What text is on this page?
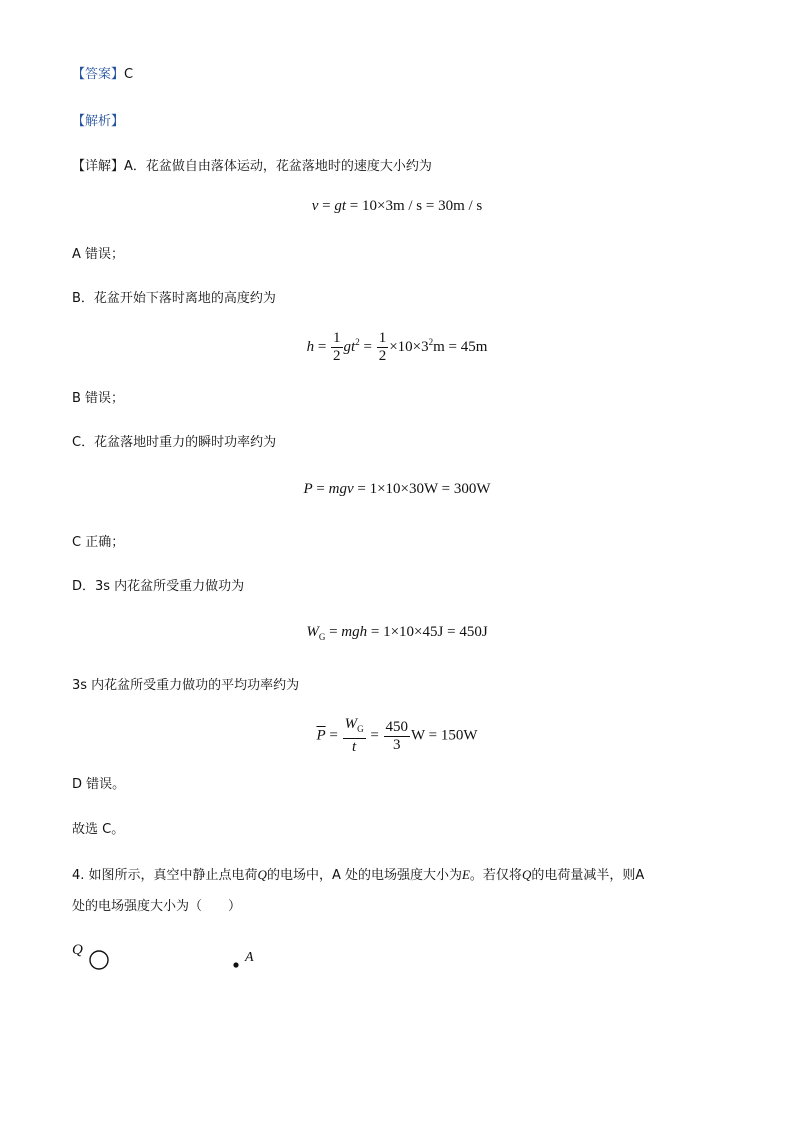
【答案】C
【解析】
【详解】A．花盆做自由落体运动，花盆落地时的速度大小约为
v = gt = 10×3m / s = 30m / s
A 错误；
B．花盆开始下落时离地的高度约为
$h = \frac{1}{2} gt^2 = \frac{1}{2} \times 10\times 3^2m = 45m$
B 错误；
C．花盆落地时重力的瞬时功率约为
P = mgv = 1×10×30W = 300W
C 正确；
D．3s 内花盆所受重力做功为
$W_G$ = mgh = 1×10×45J = 450J
3s 内花盆所受重力做功的平均功率约为
$\overline{P} = \frac{W_G}{t} = \frac{450}{3}$ W = 150W
D 错误。
故选 C。
4. 如图所示，真空中静止点电荷Q的电场中，A 处的电场强度大小为E。若仅将Q的电荷量减半，则A
处的电场强度大小为（　　）
Q	A
